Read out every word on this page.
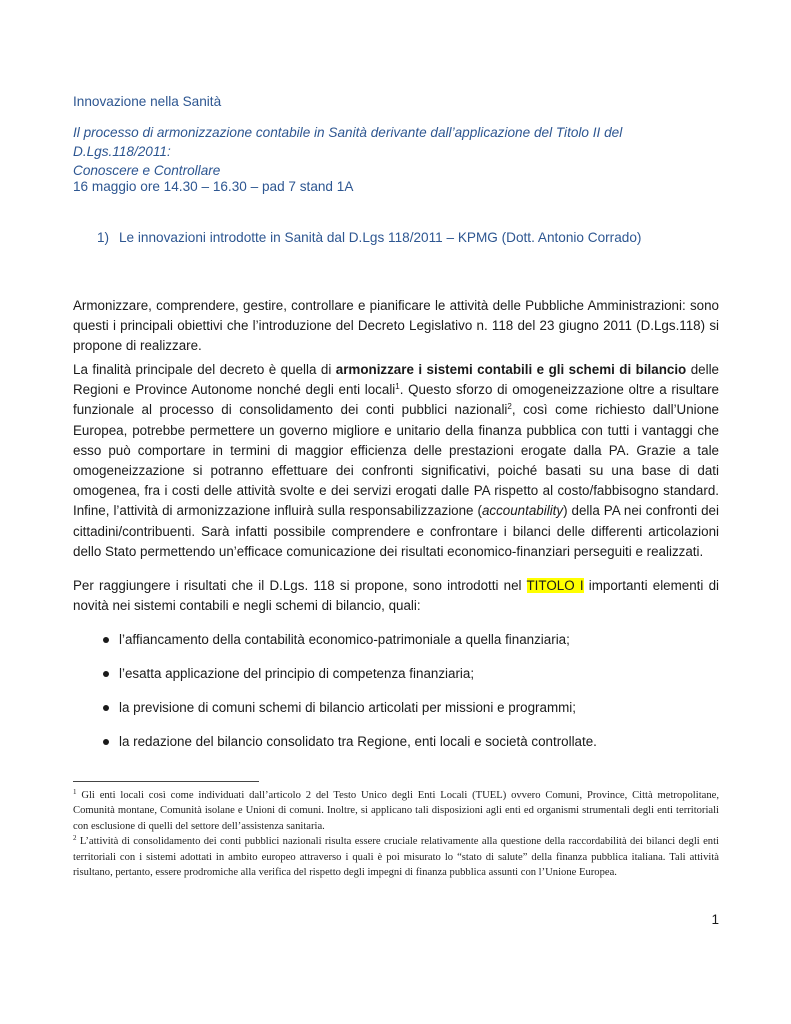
Innovazione nella Sanità
Il processo di armonizzazione contabile in Sanità derivante dall’applicazione del Titolo II del D.Lgs.118/2011:
Conoscere e Controllare
16 maggio ore 14.30 – 16.30 – pad 7 stand 1A
1) Le innovazioni introdotte in Sanità dal D.Lgs 118/2011 – KPMG (Dott. Antonio Corrado)

Armonizzare, comprendere, gestire, controllare e pianificare le attività delle Pubbliche Amministrazioni: sono questi i principali obiettivi che l’introduzione del Decreto Legislativo n. 118 del 23 giugno 2011 (D.Lgs.118) si propone di realizzare.

La finalità principale del decreto è quella di armonizzare i sistemi contabili e gli schemi di bilancio delle Regioni e Province Autonome nonché degli enti locali$^1$. Questo sforzo di omogeneizzazione oltre a risultare funzionale al processo di consolidamento dei conti pubblici nazionali$^2$, così come richiesto dall’Unione Europea, potrebbe permettere un governo migliore e unitario della finanza pubblica con tutti i vantaggi che esso può comportare in termini di maggior efficienza delle prestazioni erogate dalla PA. Grazie a tale omogeneizzazione si potranno effettuare dei confronti significativi, poiché basati su una base di dati omogenea, fra i costi delle attività svolte e dei servizi erogati dalle PA rispetto al costo/fabbisogno standard. Infine, l’attività di armonizzazione influirà sulla responsabilizzazione (accountability) della PA nei confronti dei cittadini/contribuenti. Sarà infatti possibile comprendere e confrontare i bilanci delle differenti articolazioni dello Stato permettendo un’efficace comunicazione dei risultati economico-finanziari perseguiti e realizzati.

Per raggiungere i risultati che il D.Lgs. 118 si propone, sono introdotti nel TITOLO I importanti elementi di novità nei sistemi contabili e negli schemi di bilancio, quali:

l’affiancamento della contabilità economico-patrimoniale a quella finanziaria;
l’esatta applicazione del principio di competenza finanziaria;
la previsione di comuni schemi di bilancio articolati per missioni e programmi;
la redazione del bilancio consolidato tra Regione, enti locali e società controllate.

$^1$ Gli enti locali così come individuati dall’articolo 2 del Testo Unico degli Enti Locali (TUEL) ovvero Comuni, Province, Città metropolitane, Comunità montane, Comunità isolane e Unioni di comuni. Inoltre, si applicano tali disposizioni agli enti ed organismi strumentali degli enti territoriali con esclusione di quelli del settore dell’assistenza sanitaria.

$^2$ L’attività di consolidamento dei conti pubblici nazionali risulta essere cruciale relativamente alla questione della raccordabilità dei bilanci degli enti territoriali con i sistemi adottati in ambito europeo attraverso i quali è poi misurato lo “stato di salute” della finanza pubblica italiana. Tali attività risultano, pertanto, essere prodromiche alla verifica del rispetto degli impegni di finanza pubblica assunti con l’Unione Europea.

1
